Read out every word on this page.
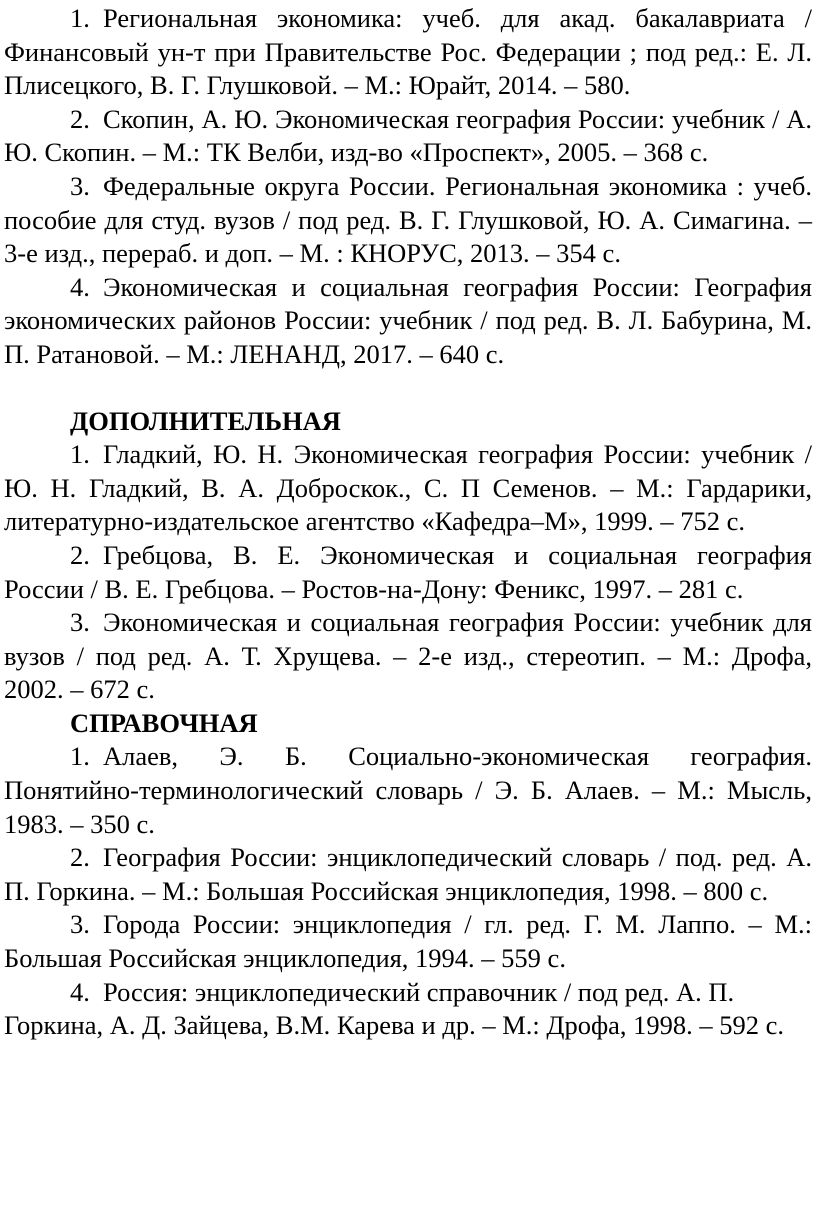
1. Региональная экономика: учеб. для акад. бакалавриата / Финансовый ун-т при Правительстве Рос. Федерации ; под ред.: Е. Л. Плисецкого, В. Г. Глушковой. – М.: Юрайт, 2014. – 580.

2. Скопин, А. Ю. Экономическая география России: учебник / А. Ю. Скопин. – М.: ТК Велби, изд-во «Проспект», 2005. – 368 с.

3. Федеральные округа России. Региональная экономика : учеб. пособие для студ. вузов / под ред. В. Г. Глушковой, Ю. А. Симагина. – 3-е изд., перераб. и доп. – М. : КНОРУС, 2013. – 354 с.

4. Экономическая и социальная география России: География экономических районов России: учебник / под ред. В. Л. Бабурина, М. П. Ратановой. – М.: ЛЕНАНД, 2017. – 640 с.

ДОПОЛНИТЕЛЬНАЯ

1. Гладкий, Ю. Н. Экономическая география России: учебник / Ю. Н. Гладкий, В. А. Доброскок., С. П Семенов. – М.: Гардарики, литературно-издательское агентство «Кафедра–М», 1999. – 752 с.

2. Гребцова, В. Е. Экономическая и социальная география России / В. Е. Гребцова. – Ростов-на-Дону: Феникс, 1997. – 281 с.

3. Экономическая и социальная география России: учебник для вузов / под ред. А. Т. Хрущева. – 2-е изд., стереотип. – М.: Дрофа, 2002. – 672 с.

СПРАВОЧНАЯ

1. Алаев, Э. Б. Социально-экономическая география. Понятийно-терминологический словарь / Э. Б. Алаев. – М.: Мысль, 1983. – 350 с.

2. География России: энциклопедический словарь / под. ред. А. П. Горкина. – М.: Большая Российская энциклопедия, 1998. – 800 с.

3. Города России: энциклопедия / гл. ред. Г. М. Лаппо. – М.: Большая Российская энциклопедия, 1994. – 559 с.

4. Россия: энциклопедический справочник / под ред. А. П. Горкина, А. Д. Зайцева, В.М. Карева и др. – М.: Дрофа, 1998. – 592 с.
